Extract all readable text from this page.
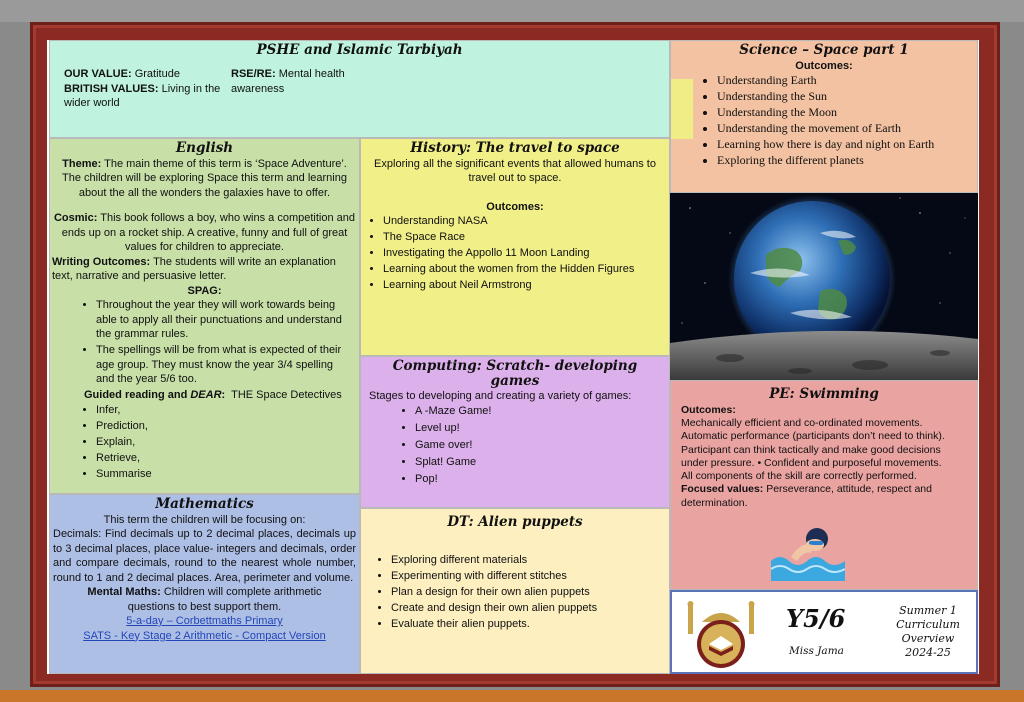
PSHE and Islamic Tarbiyah
OUR VALUE: Gratitude
BRITISH VALUES: Living in the wider world
RSE/RE: Mental health awareness
Science – Space part 1
Outcomes:
• Understanding Earth
• Understanding the Sun
• Understanding the Moon
• Understanding the movement of Earth
• Learning how there is day and night on Earth
• Exploring the different planets
English
Theme: The main theme of this term is ‘Space Adventure’. The children will be exploring Space this term and learning about the all the wonders the galaxies have to offer.
Cosmic: This book follows a boy, who wins a competition and ends up on a rocket ship. A creative, funny and full of great values for children to appreciate.
Writing Outcomes: The students will write an explanation text, narrative and persuasive letter.
SPAG:
• Throughout the year they will work towards being able to apply all their punctuations and understand the grammar rules.
• The spellings will be from what is expected of their age group. They must know the year 3/4 spelling and the year 5/6 too.
Guided reading and DEAR: THE Space Detectives
• Infer,
• Prediction,
• Explain,
• Retrieve,
• Summarise
History: The travel to space
Exploring all the significant events that allowed humans to travel out to space.
Outcomes:
• Understanding NASA
• The Space Race
• Investigating the Appollo 11 Moon Landing
• Learning about the women from the Hidden Figures
• Learning about Neil Armstrong
Computing: Scratch- developing games
Stages to developing and creating a variety of games:
• A -Maze Game!
• Level up!
• Game over!
• Splat! Game
• Pop!
PE: Swimming
Outcomes:
Mechanically efficient and co-ordinated movements.
Automatic performance (participants don’t need to think).
Participant can think tactically and make good decisions under pressure. • Confident and purposeful movements.
All components of the skill are correctly performed.
Focused values: Perseverance, attitude, respect and determination.
Mathematics
This term the children will be focusing on:
Decimals: Find decimals up to 2 decimal places, decimals up to 3 decimal places, place value- integers and decimals, order and compare decimals, round to the nearest whole number, round to 1 and 2 decimal places. Area, perimeter and volume.
Mental Maths: Children will complete arithmetic questions to best support them.
5-a-day – Corbettmaths Primary
SATS - Key Stage 2 Arithmetic - Compact Version
DT: Alien puppets
• Exploring different materials
• Experimenting with different stitches
• Plan a design for their own alien puppets
• Create and design their own alien puppets
• Evaluate their alien puppets.	Y5/6
Miss Jama
Summer 1
Curriculum
Overview
2024-25
